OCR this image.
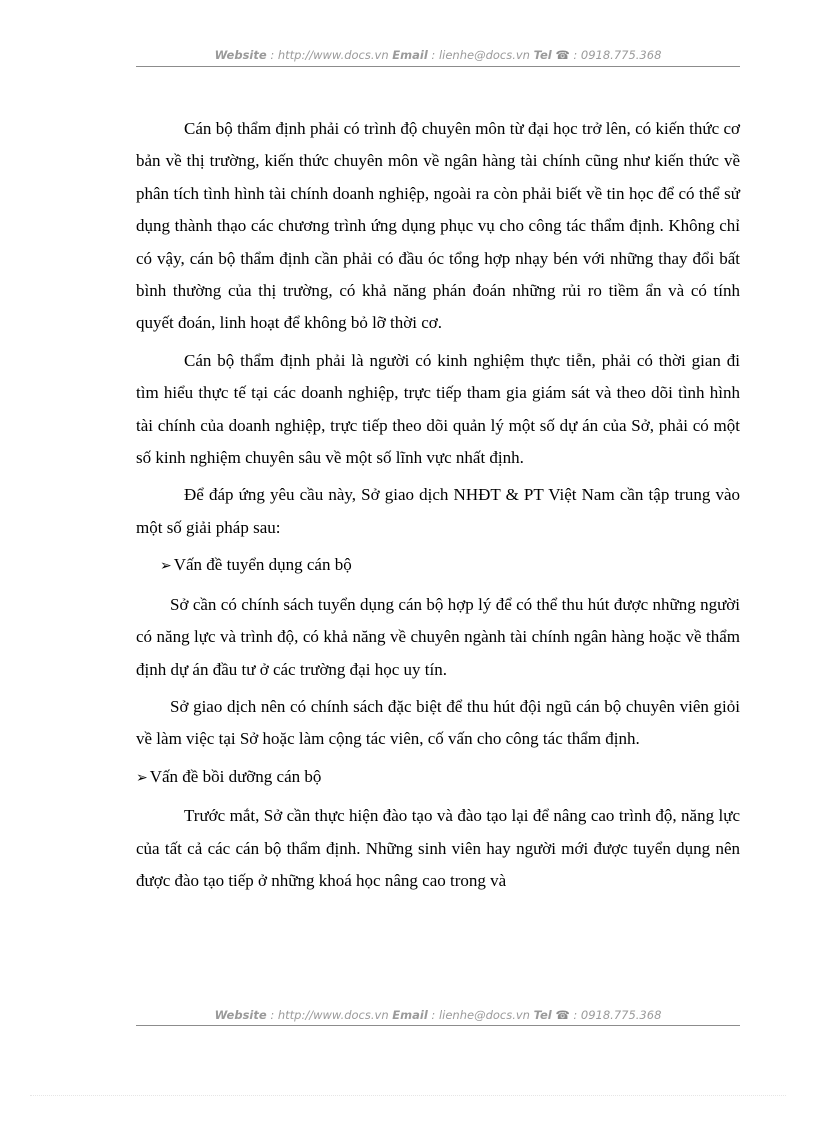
Website : http://www.docs.vn Email : lienhe@docs.vn Tel ☎ : 0918.775.368

Cán bộ thẩm định phải có trình độ chuyên môn từ đại học trở lên, có kiến thức cơ bản về thị trường, kiến thức chuyên môn về ngân hàng tài chính cũng như kiến thức về phân tích tình hình tài chính doanh nghiệp, ngoài ra còn phải biết về tin học để có thể sử dụng thành thạo các chương trình ứng dụng phục vụ cho công tác thẩm định. Không chỉ có vậy, cán bộ thẩm định cần phải có đầu óc tổng hợp nhạy bén với những thay đổi bất bình thường của thị trường, có khả năng phán đoán những rủi ro tiềm ẩn và có tính quyết đoán, linh hoạt để không bỏ lỡ thời cơ.

Cán bộ thẩm định phải là người có kinh nghiệm thực tiễn, phải có thời gian đi tìm hiểu thực tế tại các doanh nghiệp, trực tiếp tham gia giám sát và theo dõi tình hình tài chính của doanh nghiệp, trực tiếp theo dõi quản lý một số dự án của Sở, phải có một số kinh nghiệm chuyên sâu về một số lĩnh vực nhất định.

Để đáp ứng yêu cầu này, Sở giao dịch NHĐT & PT Việt Nam cần tập trung vào một số giải pháp sau:

➢ Vấn đề tuyển dụng cán bộ

Sở cần có chính sách tuyển dụng cán bộ hợp lý để có thể thu hút được những người có năng lực và trình độ, có khả năng về chuyên ngành tài chính ngân hàng hoặc về thẩm định dự án đầu tư ở các trường đại học uy tín.

Sở giao dịch nên có chính sách đặc biệt để thu hút đội ngũ cán bộ chuyên viên giỏi về làm việc tại Sở hoặc làm cộng tác viên, cố vấn cho công tác thẩm định.

➢ Vấn đề bồi dưỡng cán bộ

Trước mắt, Sở cần thực hiện đào tạo và đào tạo lại để nâng cao trình độ, năng lực của tất cả các cán bộ thẩm định. Những sinh viên hay người mới được tuyển dụng nên được đào tạo tiếp ở những khoá học nâng cao trong và

Website : http://www.docs.vn Email : lienhe@docs.vn Tel ☎ : 0918.775.368
